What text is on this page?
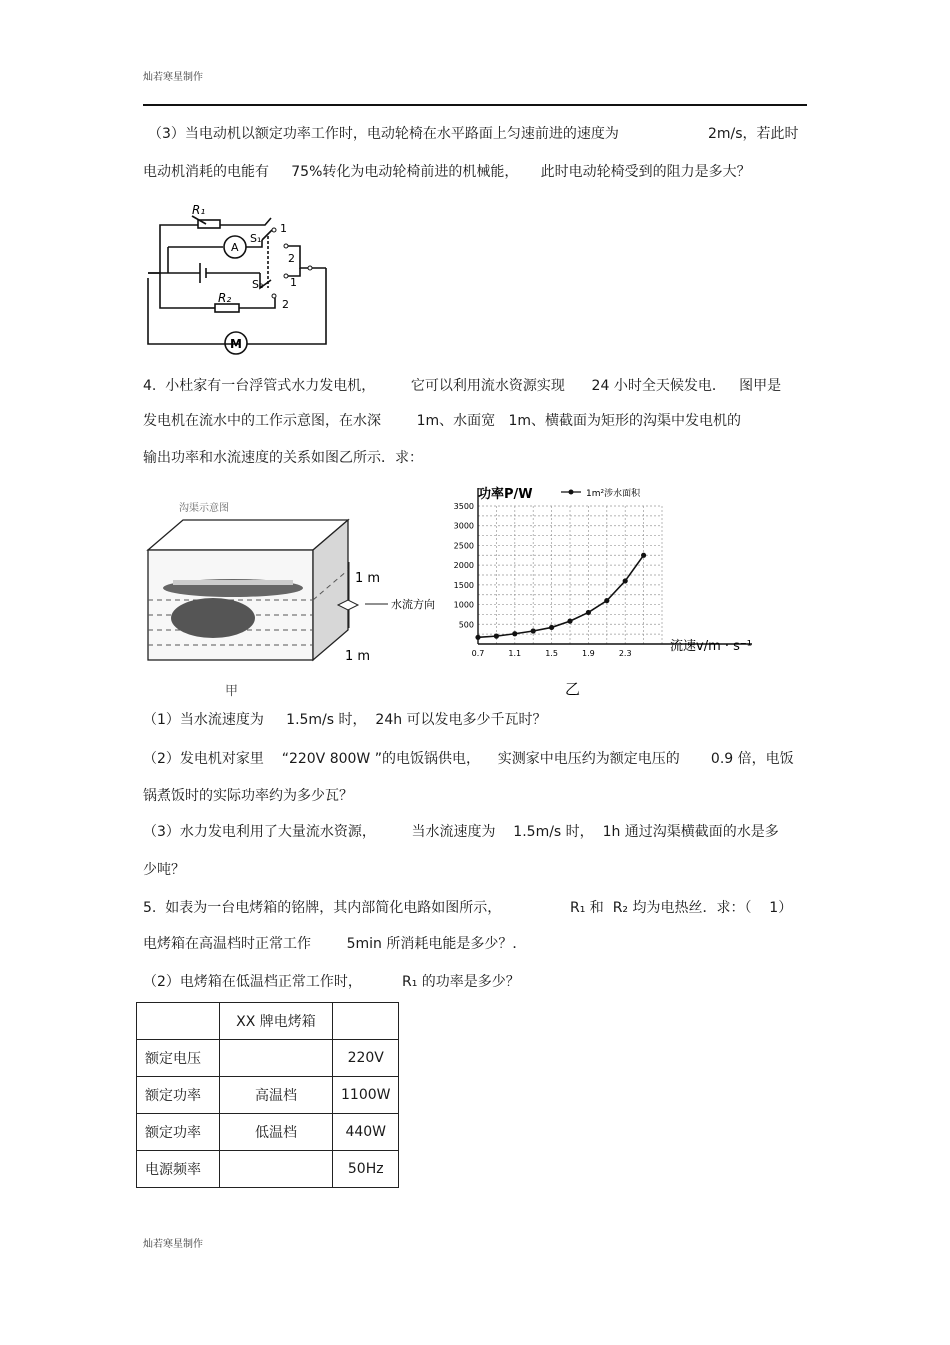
灿若寒星制作
（3）当电动机以额定功率工作时，电动轮椅在水平路面上匀速前进的速度为	2m/s，若此时
电动机消耗的电能有     75%转化为电动轮椅前进的机械能，     此时电动轮椅受到的阻力是多大？
R₁
S₁
S₂
R₂
A
M
1
2
1
2
4.  小杜家有一台浮管式水力发电机，        它可以利用流水资源实现      24 小时全天候发电．   图甲是
发电机在流水中的工作示意图，在水深        1m、水面宽   1m、横截面为矩形的沟渠中发电机的
输出功率和水流速度的关系如图乙所示．求：
沟渠示意图
1 m
水流方向
1 m
甲
500
1000
1500
2000
2500
3000
3500
0.7	1.1	1.5	1.9	2.3
功率P/W	1m²涉水面积
流速v/m · s⁻¹
乙
（1）当水流速度为     1.5m/s 时，  24h 可以发电多少千瓦时？
（2）发电机对家里    “220V 800W ”的电饭锅供电，    实测家中电压约为额定电压的       0.9 倍，电饭
锅煮饭时的实际功率约为多少瓦？
（3）水力发电利用了大量流水资源，        当水流速度为    1.5m/s 时，  1h 通过沟渠横截面的水是多
少吨？
5.  如表为一台电烤箱的铭牌，其内部简化电路如图所示，	R₁ 和  R₂ 均为电热丝．求：（    1）
电烤箱在高温档时正常工作        5min 所消耗电能是多少？．
（2）电烤箱在低温档正常工作时，	R₁ 的功率是多少？
	XX 牌电烤箱	
额定电压		220V
额定功率	高温档	1100W
额定功率	低温档	440W
电源频率		50Hz
灿若寒星制作
